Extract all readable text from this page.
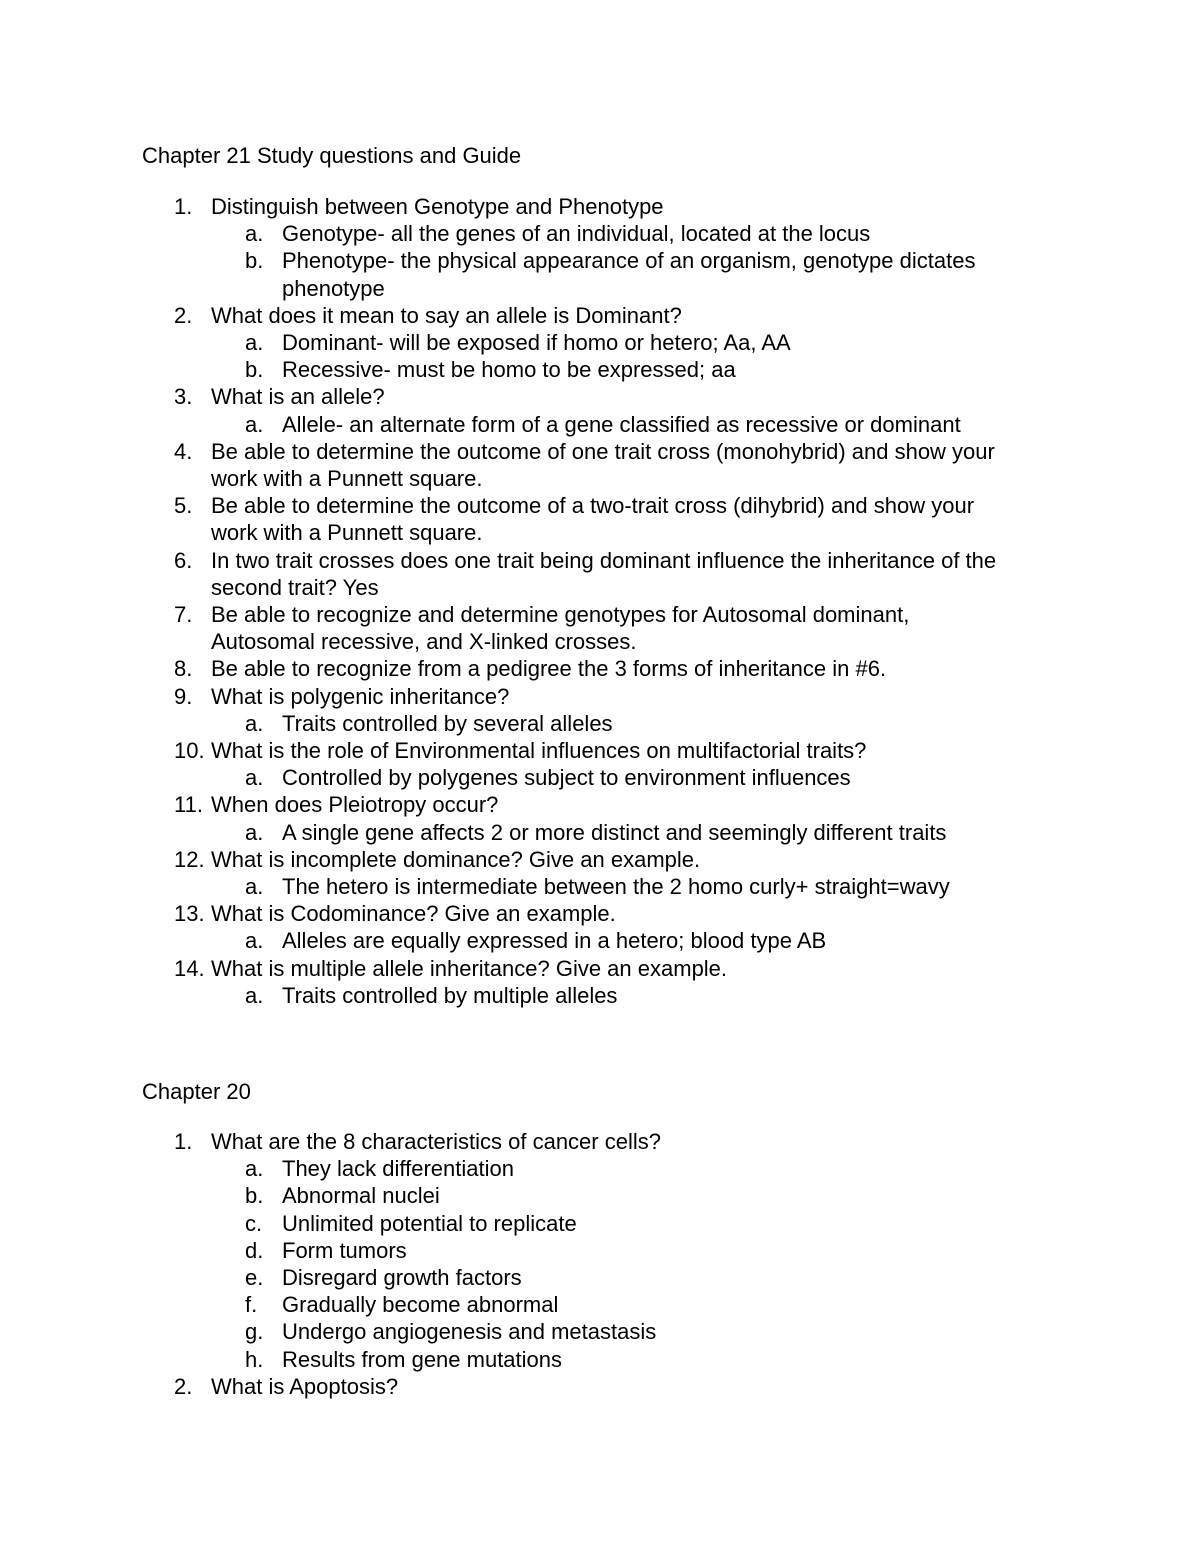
Chapter 21 Study questions and Guide
1. Distinguish between Genotype and Phenotype
a. Genotype- all the genes of an individual, located at the locus
b. Phenotype- the physical appearance of an organism, genotype dictates
phenotype
2. What does it mean to say an allele is Dominant?
a. Dominant- will be exposed if homo or hetero; Aa, AA
b. Recessive- must be homo to be expressed; aa
3. What is an allele?
a. Allele- an alternate form of a gene classified as recessive or dominant
4. Be able to determine the outcome of one trait cross (monohybrid) and show your
work with a Punnett square.
5. Be able to determine the outcome of a two-trait cross (dihybrid) and show your
work with a Punnett square.
6. In two trait crosses does one trait being dominant influence the inheritance of the
second trait? Yes
7. Be able to recognize and determine genotypes for Autosomal dominant,
Autosomal recessive, and X-linked crosses.
8. Be able to recognize from a pedigree the 3 forms of inheritance in #6.
9. What is polygenic inheritance?
a. Traits controlled by several alleles
10. What is the role of Environmental influences on multifactorial traits?
a. Controlled by polygenes subject to environment influences
11. When does Pleiotropy occur?
a. A single gene affects 2 or more distinct and seemingly different traits
12. What is incomplete dominance? Give an example.
a. The hetero is intermediate between the 2 homo curly+ straight=wavy
13. What is Codominance? Give an example.
a. Alleles are equally expressed in a hetero; blood type AB
14. What is multiple allele inheritance? Give an example.
a. Traits controlled by multiple alleles
Chapter 20
1. What are the 8 characteristics of cancer cells?
a. They lack differentiation
b. Abnormal nuclei
c. Unlimited potential to replicate
d. Form tumors
e. Disregard growth factors
f. Gradually become abnormal
g. Undergo angiogenesis and metastasis
h. Results from gene mutations
2. What is Apoptosis?
